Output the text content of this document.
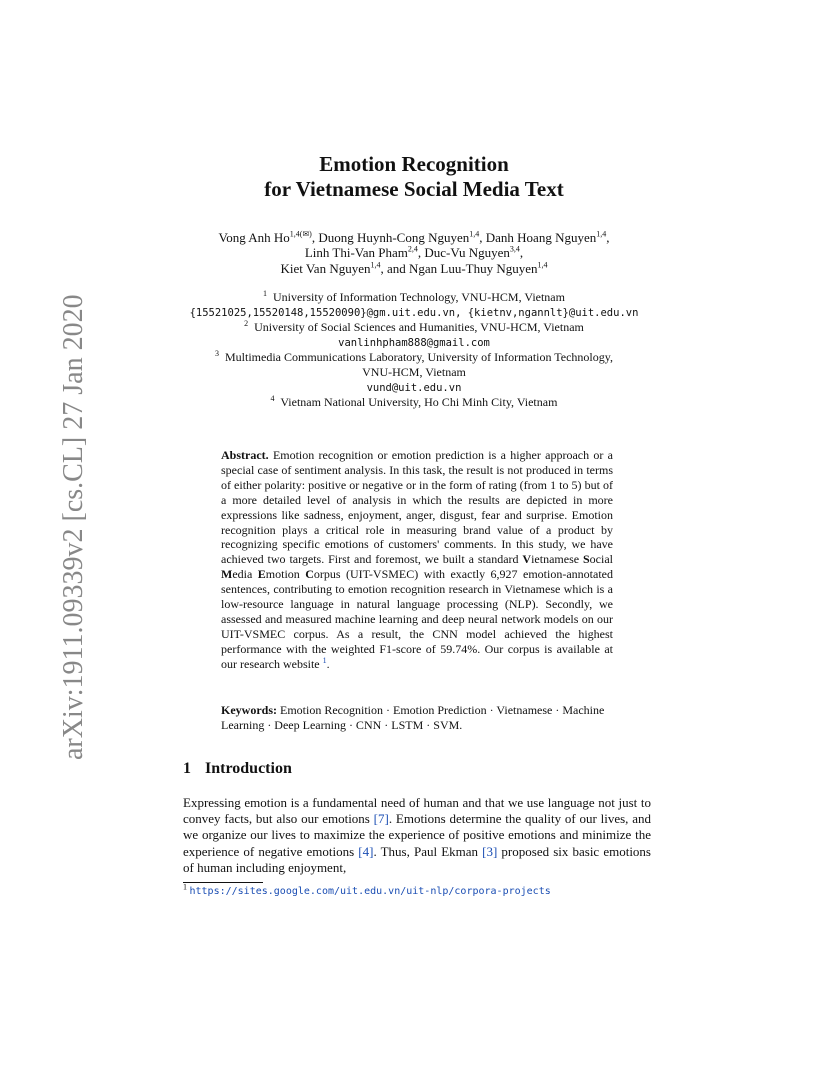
arXiv:1911.09339v2 [cs.CL] 27 Jan 2020
Emotion Recognition
for Vietnamese Social Media Text
Vong Anh $Ho^{1,4(✉)}$, Duong Huynh-Cong Nguyen$^{1,4}$, Danh Hoang Nguyen$^{1,4}$,
Linh Thi-Van Pham$^{2,4}$, Duc-Vu Nguyen$^{3,4}$,
Kiet Van Nguyen$^{1,4}$, and Ngan Luu-Thuy Nguyen$^{1,4}$
$^1$ University of Information Technology, VNU-HCM, Vietnam
{15521025,15520148,15520090}@gm.uit.edu.vn, {kietnv,ngannlt}@uit.edu.vn
$^2$ University of Social Sciences and Humanities, VNU-HCM, Vietnam
vanlinhpham888@gmail.com
$^3$ Multimedia Communications Laboratory, University of Information Technology,
VNU-HCM, Vietnam
vund@uit.edu.vn
$^4$ Vietnam National University, Ho Chi Minh City, Vietnam
Abstract. Emotion recognition or emotion prediction is a higher approach or a special case of sentiment analysis. In this task, the result is not produced in terms of either polarity: positive or negative or in the form of rating (from 1 to 5) but of a more detailed level of analysis in which the results are depicted in more expressions like sadness, enjoyment, anger, disgust, fear and surprise. Emotion recognition plays a critical role in measuring brand value of a product by recognizing specific emotions of customers' comments. In this study, we have achieved two targets. First and foremost, we built a standard Vietnamese Social Media Emotion Corpus (UIT-VSMEC) with exactly 6,927 emotion-annotated sentences, contributing to emotion recognition research in Vietnamese which is a low-resource language in natural language processing (NLP). Secondly, we assessed and measured machine learning and deep neural network models on our UIT-VSMEC corpus. As a result, the CNN model achieved the highest performance with the weighted F1-score of 59.74%. Our corpus is available at our research website $^1$.
Keywords: Emotion Recognition · Emotion Prediction · Vietnamese · Machine Learning · Deep Learning · CNN · LSTM · SVM.
1 Introduction
Expressing emotion is a fundamental need of human and that we use language not just to convey facts, but also our emotions [7]. Emotions determine the quality of our lives, and we organize our lives to maximize the experience of positive emotions and minimize the experience of negative emotions [4]. Thus, Paul Ekman [3] proposed six basic emotions of human including enjoyment,
$^1$ https://sites.google.com/uit.edu.vn/uit-nlp/corpora-projects
